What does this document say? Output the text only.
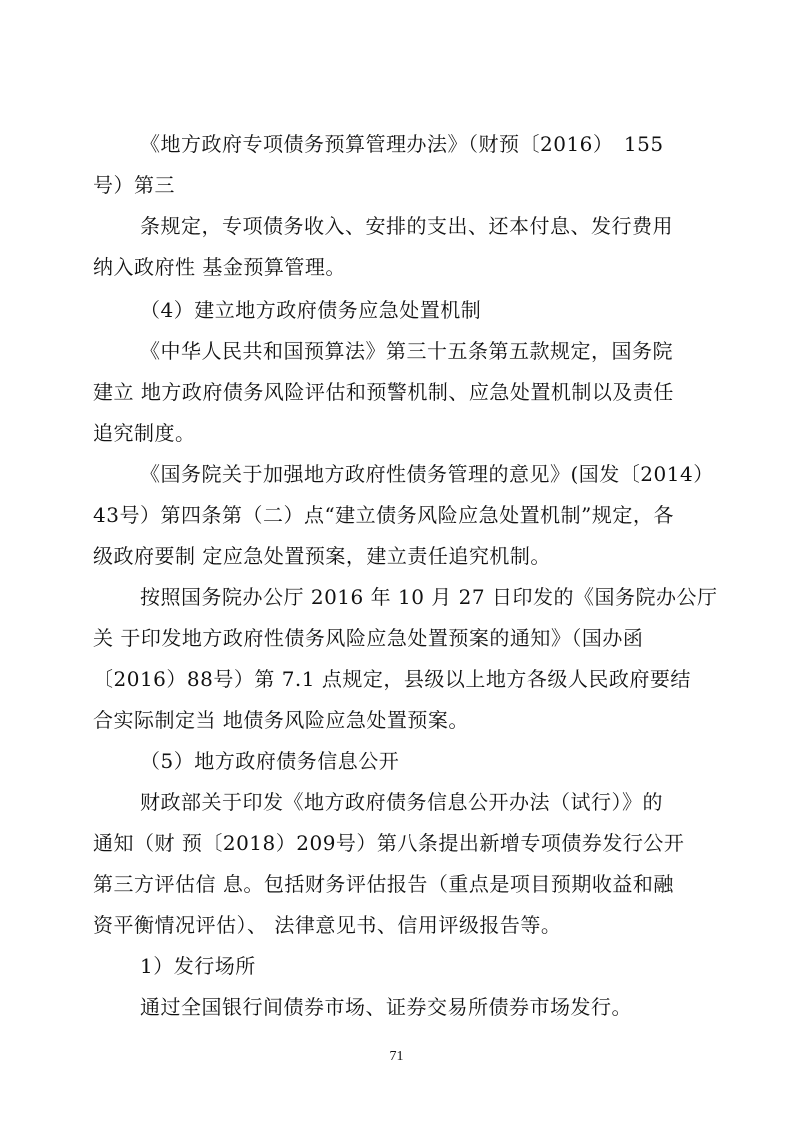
《地方政府专项债务预算管理办法》（财预〔2016）　155
号）第三
条规定，专项债务收入、安排的支出、还本付息、发行费用
纳入政府性 基金预算管理。
（4）建立地方政府债务应急处置机制
《中华人民共和国预算法》第三十五条第五款规定，国务院
建立 地方政府债务风险评估和预警机制、应急处置机制以及责任
追究制度。
《国务院关于加强地方政府性债务管理的意见》(国发〔2014）
43号）第四条第（二）点“建立债务风险应急处置机制”规定，各
级政府要制 定应急处置预案，建立责任追究机制。
按照国务院办公厅 2016 年 10 月 27 日印发的《国务院办公厅
关 于印发地方政府性债务风险应急处置预案的通知》（国办函
〔2016）88号）第 7.1 点规定，县级以上地方各级人民政府要结
合实际制定当 地债务风险应急处置预案。
（5）地方政府债务信息公开
财政部关于印发《地方政府债务信息公开办法（试行）》的
通知（财 预〔2018）209号）第八条提出新增专项债券发行公开
第三方评估信 息。包括财务评估报告（重点是项目预期收益和融
资平衡情况评估）、 法律意见书、信用评级报告等。
1）发行场所
通过全国银行间债券市场、证券交易所债券市场发行。
71
